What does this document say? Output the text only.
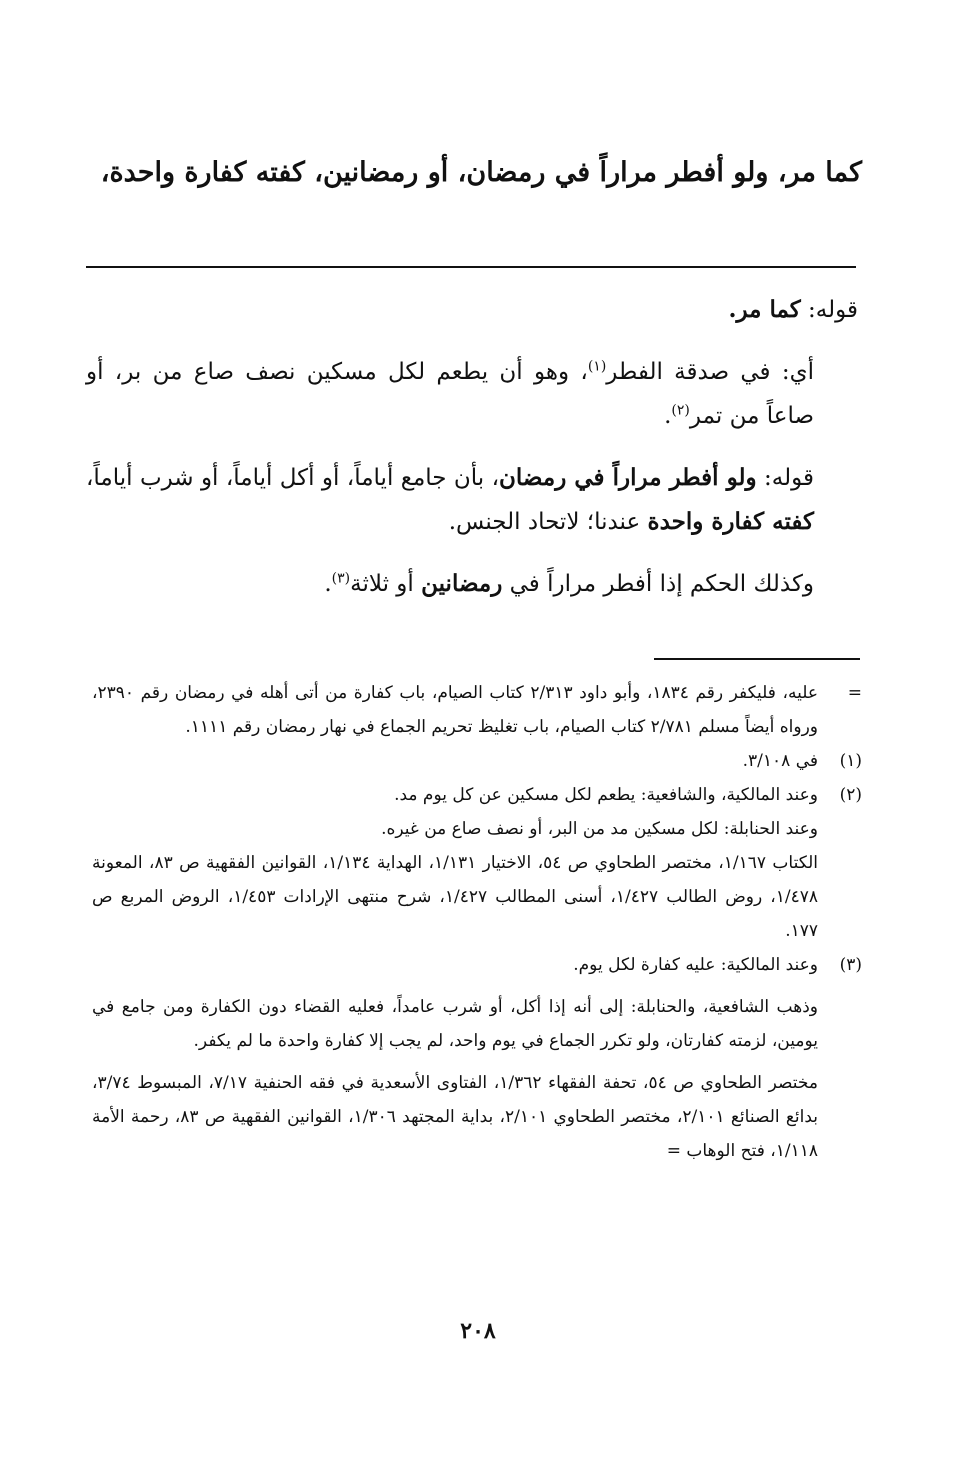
كما مر، ولو أفطر مراراً في رمضان، أو رمضانين، كفته كفارة واحدة،

قوله: كما مر.

أي: في صدقة الفطر$^{(١)}$، وهو أن يطعم لكل مسكين نصف صاع من بر، أو صاعاً من تمر$^{(٢)}$.

قوله: ولو أفطر مراراً في رمضان، بأن جامع أياماً، أو أكل أياماً، أو شرب أياماً، كفته كفارة واحدة عندنا؛ لاتحاد الجنس.

وكذلك الحكم إذا أفطر مراراً في رمضانين أو ثلاثة$^{(٣)}$.

=

عليه، فليكفر رقم ١٨٣٤، وأبو داود ٢/٣١٣ كتاب الصيام، باب كفارة من أتى أهله في رمضان رقم ٢٣٩٠، ورواه أيضاً مسلم ٢/٧٨١ كتاب الصيام، باب تغليظ تحريم الجماع في نهار رمضان رقم ١١١١.

(١)

في ٣/١٠٨.

(٢)

وعند المالكية، والشافعية: يطعم لكل مسكين عن كل يوم مد.

وعند الحنابلة: لكل مسكين مد من البر، أو نصف صاع من غيره.

الكتاب ١/١٦٧، مختصر الطحاوي ص ٥٤، الاختيار ١/١٣١، الهداية ١/١٣٤، القوانين الفقهية ص ٨٣، المعونة ١/٤٧٨، روض الطالب ١/٤٢٧، أسنى المطالب ١/٤٢٧، شرح منتهى الإرادات ١/٤٥٣، الروض المربع ص ١٧٧.

(٣)

وعند المالكية: عليه كفارة لكل يوم.

وذهب الشافعية، والحنابلة: إلى أنه إذا أكل، أو شرب عامداً، فعليه القضاء دون الكفارة ومن جامع في يومين، لزمته كفارتان، ولو تكرر الجماع في يوم واحد، لم يجب إلا كفارة واحدة ما لم يكفر.

مختصر الطحاوي ص ٥٤، تحفة الفقهاء ١/٣٦٢، الفتاوى الأسعدية في فقه الحنفية ٧/١٧، المبسوط ٣/٧٤، بدائع الصنائع ٢/١٠١، مختصر الطحاوي ٢/١٠١، بداية المجتهد ١/٣٠٦، القوانين الفقهية ص ٨٣، رحمة الأمة ١/١١٨، فتح الوهاب =

٢٠٨
